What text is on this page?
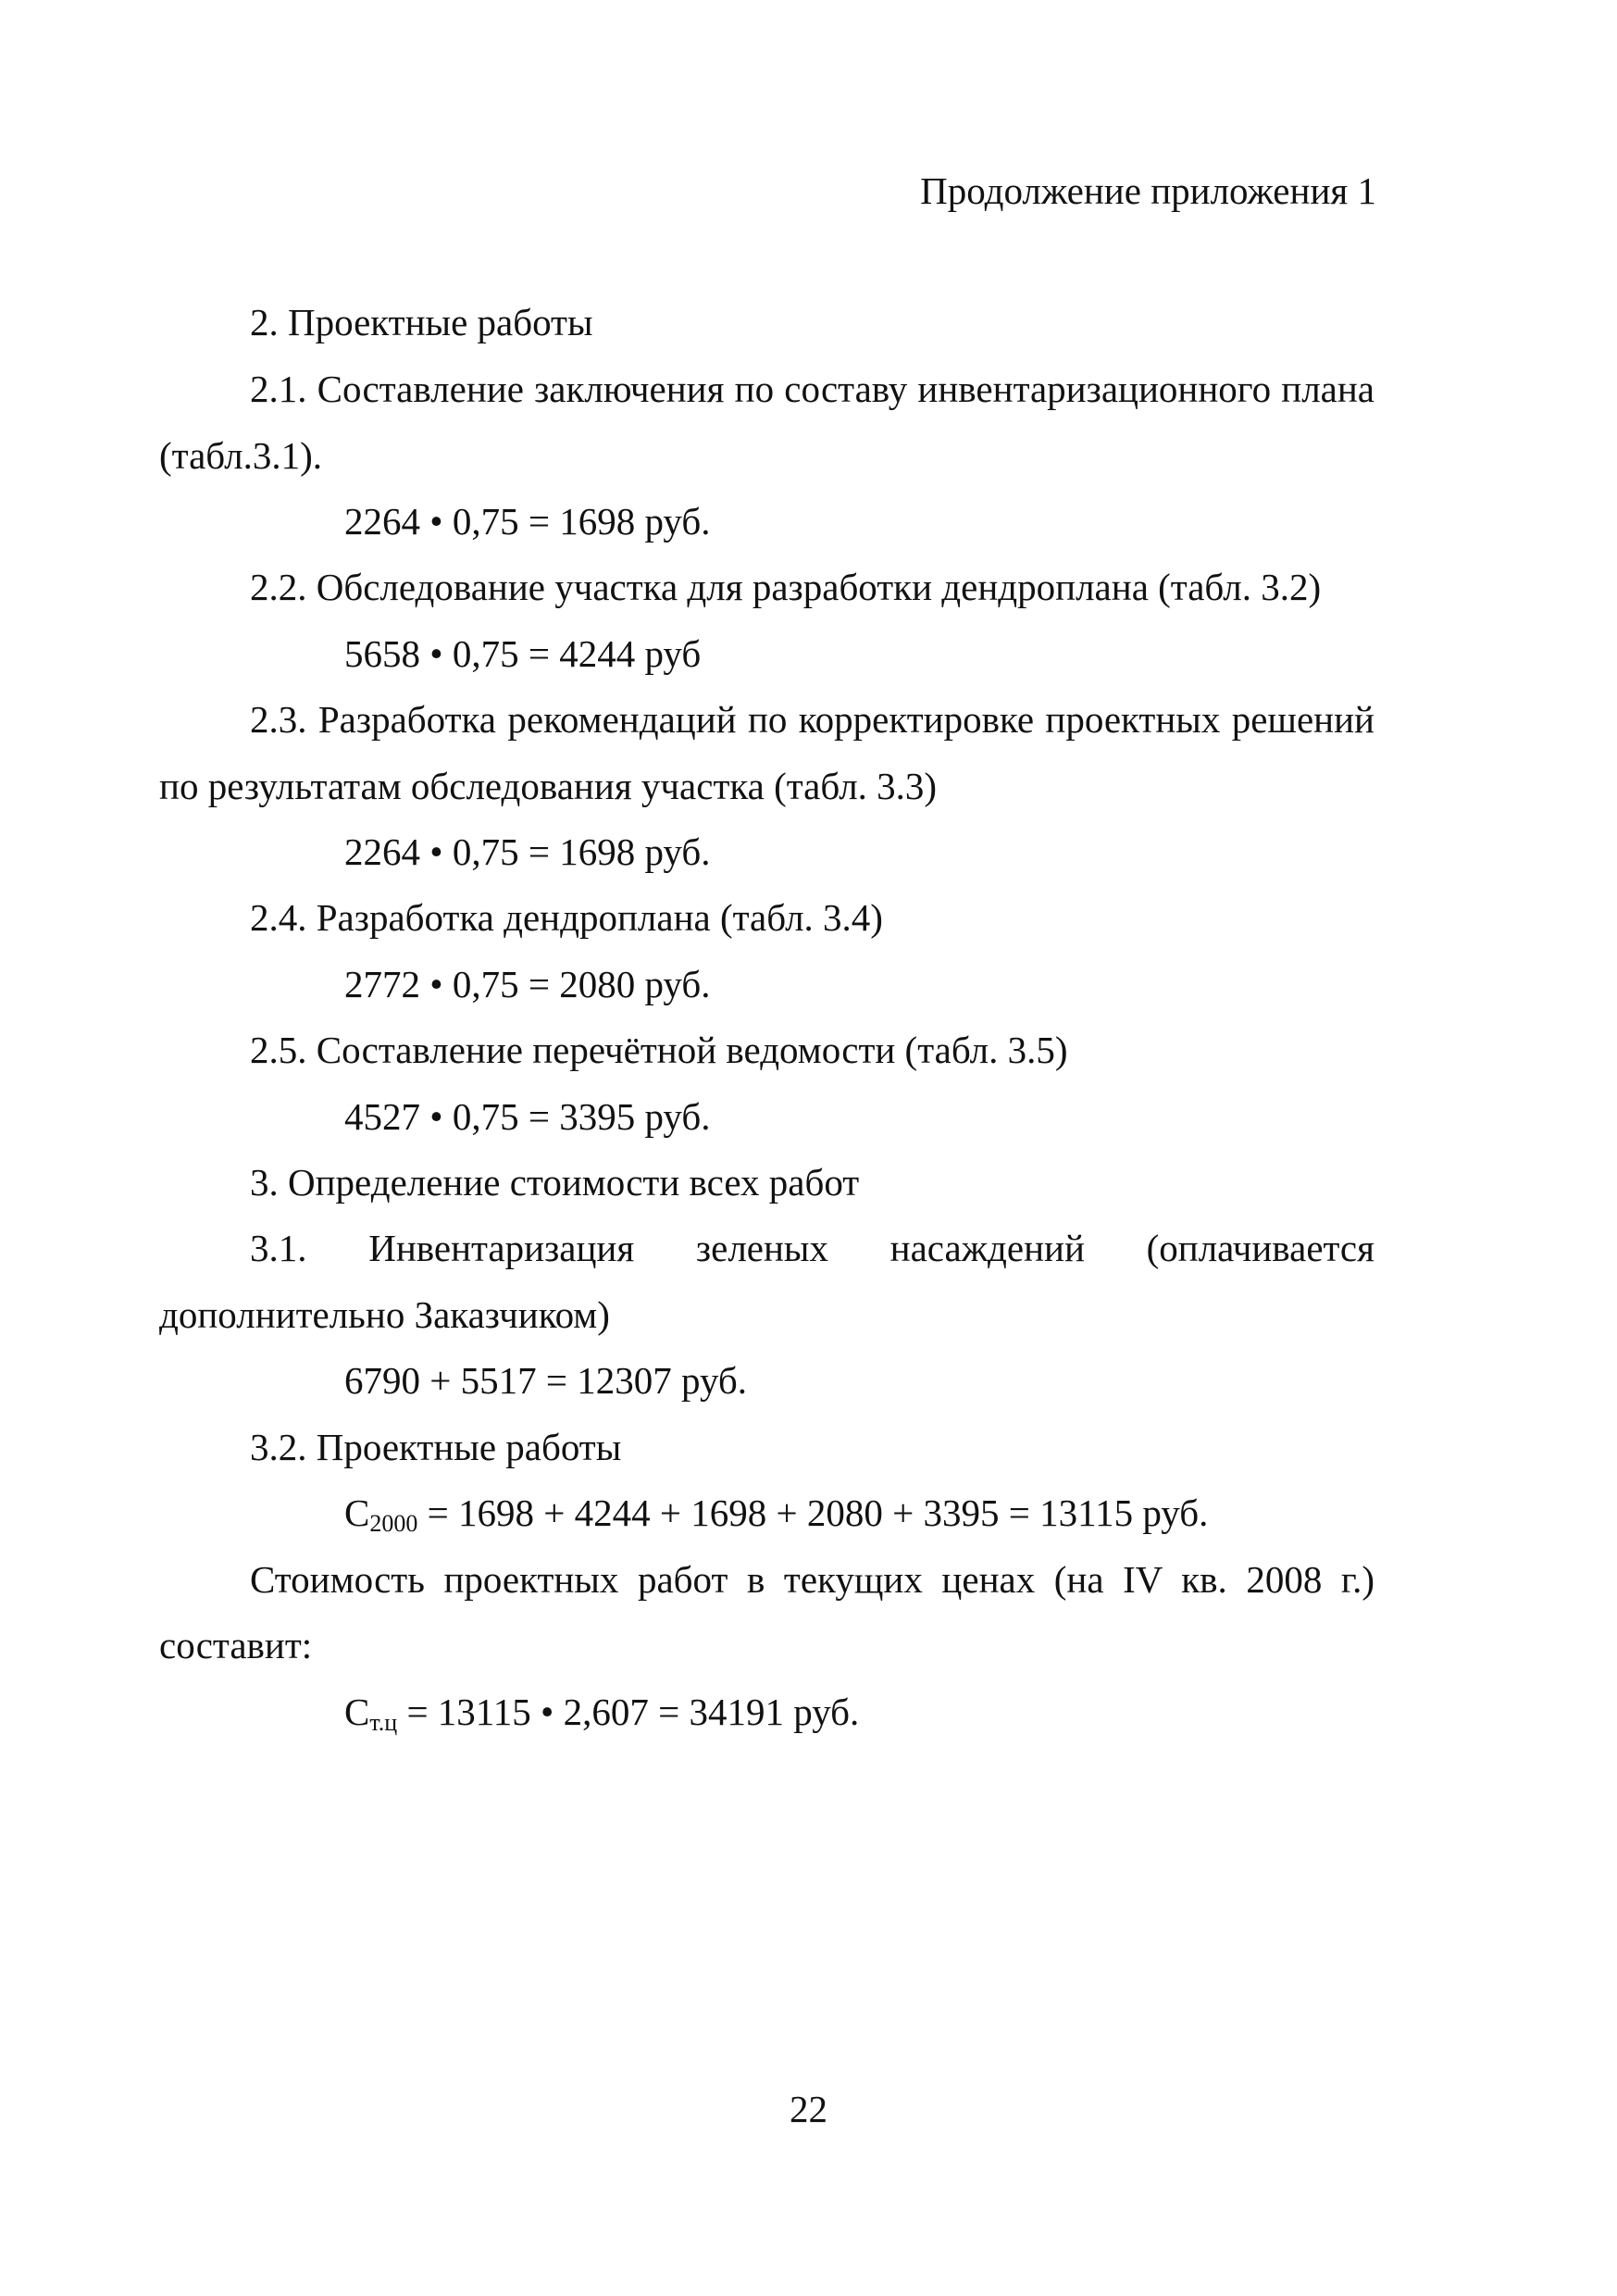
Продолжение приложения 1
2. Проектные работы
2.1. Составление заключения по составу инвентаризационного плана
(табл.3.1).
2264 • 0,75 = 1698 руб.
2.2. Обследование участка для разработки дендроплана (табл. 3.2)
5658 • 0,75 = 4244 руб
2.3. Разработка рекомендаций по корректировке проектных решений
по результатам обследования участка (табл. 3.3)
2264 • 0,75 = 1698 руб.
2.4. Разработка дендроплана (табл. 3.4)
2772 • 0,75 = 2080 руб.
2.5. Составление перечётной ведомости (табл. 3.5)
4527 • 0,75 = 3395 руб.
3. Определение стоимости всех работ
3.1. Инвентаризация зеленых насаждений (оплачивается
дополнительно Заказчиком)
6790 + 5517 = 12307 руб.
3.2. Проектные работы
$C_{2000} = 1698 + 4244 + 1698 + 2080 + 3395 = 13115$ руб.
Стоимость проектных работ в текущих ценах (на IV кв. 2008 г.)
составит:
$C_{т.ц} = 13115$ • 2,607 = 34191 руб.
22
